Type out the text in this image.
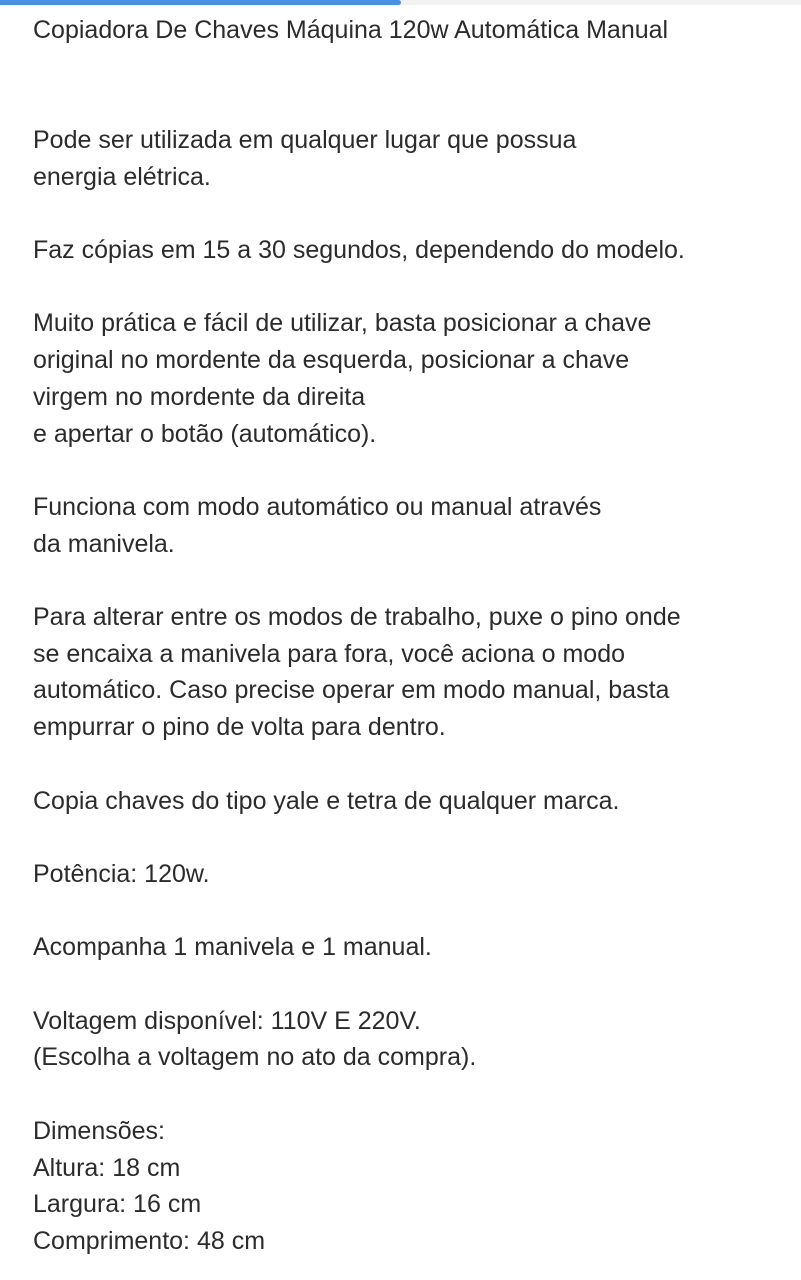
Copiadora De Chaves Máquina 120w Automática Manual

Pode ser utilizada em qualquer lugar que possua
energia elétrica.

Faz cópias em 15 a 30 segundos, dependendo do modelo.

Muito prática e fácil de utilizar, basta posicionar a chave
original no mordente da esquerda, posicionar a chave
virgem no mordente da direita
e apertar o botão (automático).

Funciona com modo automático ou manual através
da manivela.

Para alterar entre os modos de trabalho, puxe o pino onde
se encaixa a manivela para fora, você aciona o modo
automático. Caso precise operar em modo manual, basta
empurrar o pino de volta para dentro.

Copia chaves do tipo yale e tetra de qualquer marca.

Potência: 120w.

Acompanha 1 manivela e 1 manual.

Voltagem disponível: 110V E 220V.
(Escolha a voltagem no ato da compra).

Dimensões:
Altura: 18 cm
Largura: 16 cm
Comprimento: 48 cm
